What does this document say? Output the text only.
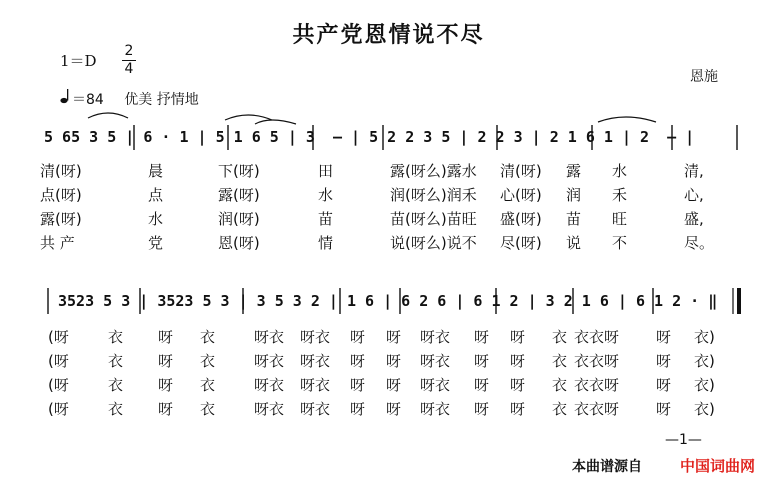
共产党恩情说不尽
1＝D
2
4	恩施
＝84 优美 抒情地
5 65 3 5 | 6 · 1 | 5 1 6 5 | 3  — | 5 2 2 3 5 | 2 2 3 | 2 1 6 1 | 2  — |
清(呀)	晨	下(呀)	田	露(呀么)露水 清(呀) 露 水	清,
点(呀)	点	露(呀)	水	润(呀么)润禾 心(呀) 润 禾	心,
露(呀)	水	润(呀)	苗	苗(呀么)苗旺 盛(呀) 苗 旺	盛,
共 产	党	恩(呀)	情	说(呀么)说不 尽(呀) 说 不	尽。
3523 5 3 | 3523 5 3 | 3 5 3 2 | 1 6 | 6 2 6 | 6 1 2 | 3 2 1 6 | 6 1 2 · ‖
(呀	衣 呀 衣	呀衣 呀衣 呀 呀 呀衣 呀 呀 衣 衣衣呀 呀 衣)
(呀	衣 呀 衣	呀衣 呀衣 呀 呀 呀衣 呀 呀 衣 衣衣呀 呀 衣)
(呀	衣 呀 衣	呀衣 呀衣 呀 呀 呀衣 呀 呀 衣 衣衣呀 呀 衣)
(呀	衣 呀 衣	呀衣 呀衣 呀 呀 呀衣 呀 呀 衣 衣衣呀 呀 衣)
—1—
本曲谱源自	中国词曲网
